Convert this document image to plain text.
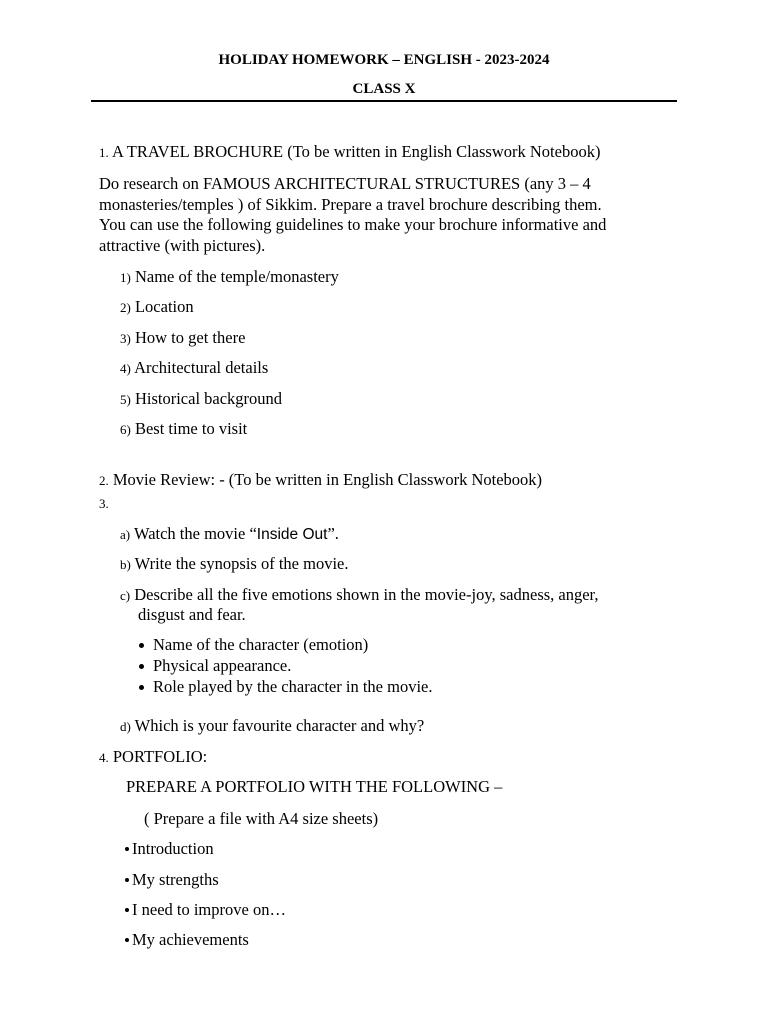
HOLIDAY HOMEWORK – ENGLISH - 2023-2024
CLASS X
1. A TRAVEL BROCHURE (To be written in English Classwork Notebook)
Do research on FAMOUS ARCHITECTURAL STRUCTURES (any 3 – 4
monasteries/temples ) of Sikkim. Prepare a travel brochure describing them.
You can use the following guidelines to make your brochure informative and
attractive (with pictures).
1) Name of the temple/monastery
2) Location
3) How to get there
4) Architectural details
5) Historical background
6) Best time to visit
2. Movie Review: - (To be written in English Classwork Notebook)
3.
a) Watch the movie “Inside Out”.
b) Write the synopsis of the movie.
c) Describe all the five emotions shown in the movie-joy, sadness, anger,
disgust and fear.
Name of the character (emotion)
Physical appearance.
Role played by the character in the movie.
d) Which is your favourite character and why?
4. PORTFOLIO:
PREPARE A PORTFOLIO WITH THE FOLLOWING –
( Prepare a file with A4 size sheets)
Introduction
My strengths
I need to improve on…
My achievements
